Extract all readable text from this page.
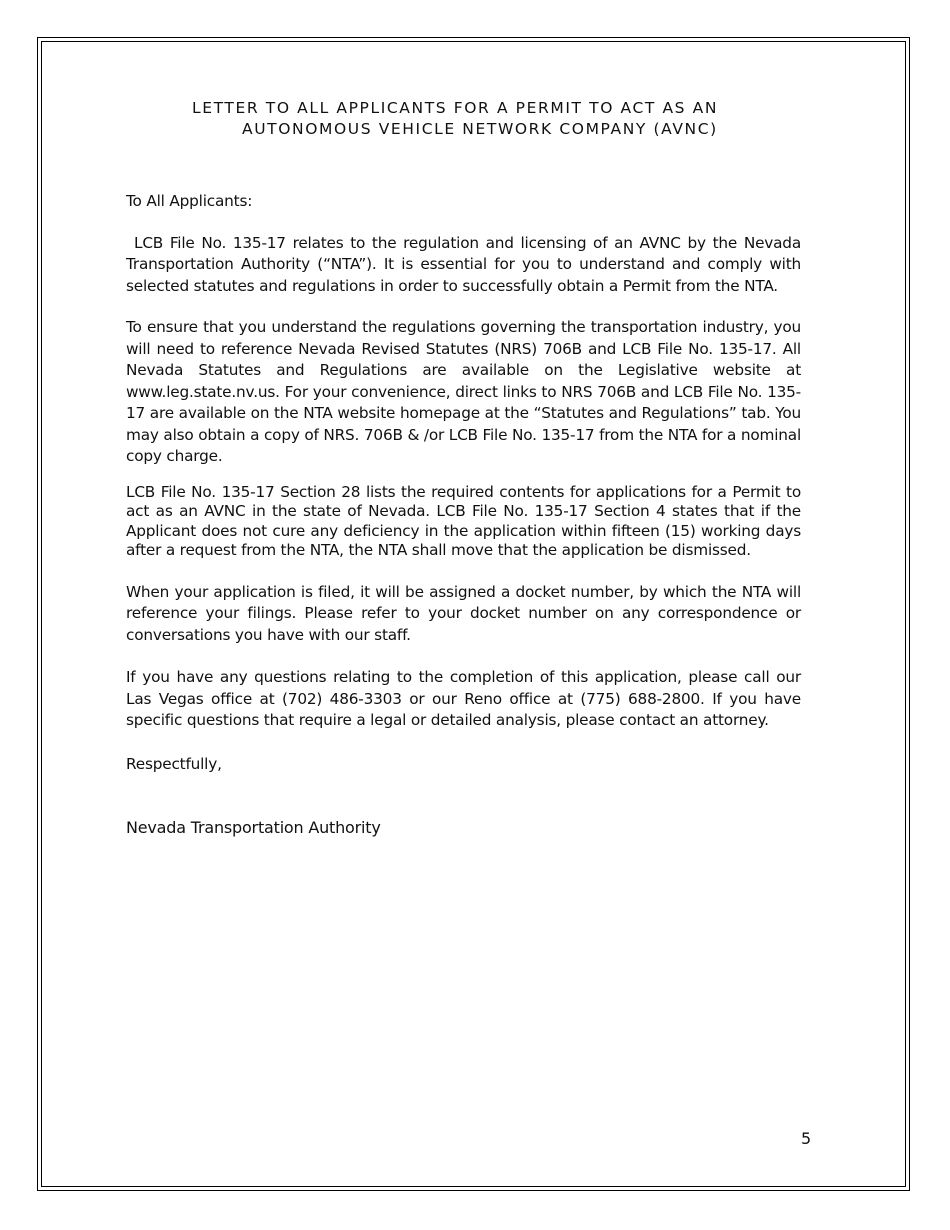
LETTER TO ALL APPLICANTS FOR A PERMIT TO ACT AS AN
AUTONOMOUS VEHICLE NETWORK COMPANY (AVNC)

To All Applicants:

LCB File No. 135-17 relates to the regulation and licensing of an AVNC by the Nevada Transportation Authority (“NTA”). It is essential for you to understand and comply with selected statutes and regulations in order to successfully obtain a Permit from the NTA.

To ensure that you understand the regulations governing the transportation industry, you will need to reference Nevada Revised Statutes (NRS) 706B and LCB File No. 135-17. All Nevada Statutes and Regulations are available on the Legislative website at www.leg.state.nv.us. For your convenience, direct links to NRS 706B and LCB File No. 135-17 are available on the NTA website homepage at the “Statutes and Regulations” tab. You may also obtain a copy of NRS. 706B & /or LCB File No. 135-17 from the NTA for a nominal copy charge.

LCB File No. 135-17 Section 28 lists the required contents for applications for a Permit to act as an AVNC in the state of Nevada. LCB File No. 135-17 Section 4 states that if the Applicant does not cure any deficiency in the application within fifteen (15) working days after a request from the NTA, the NTA shall move that the application be dismissed.

When your application is filed, it will be assigned a docket number, by which the NTA will reference your filings. Please refer to your docket number on any correspondence or conversations you have with our staff.

If you have any questions relating to the completion of this application, please call our Las Vegas office at (702) 486-3303 or our Reno office at (775) 688-2800. If you have specific questions that require a legal or detailed analysis, please contact an attorney.

Respectfully,

Nevada Transportation Authority

5
